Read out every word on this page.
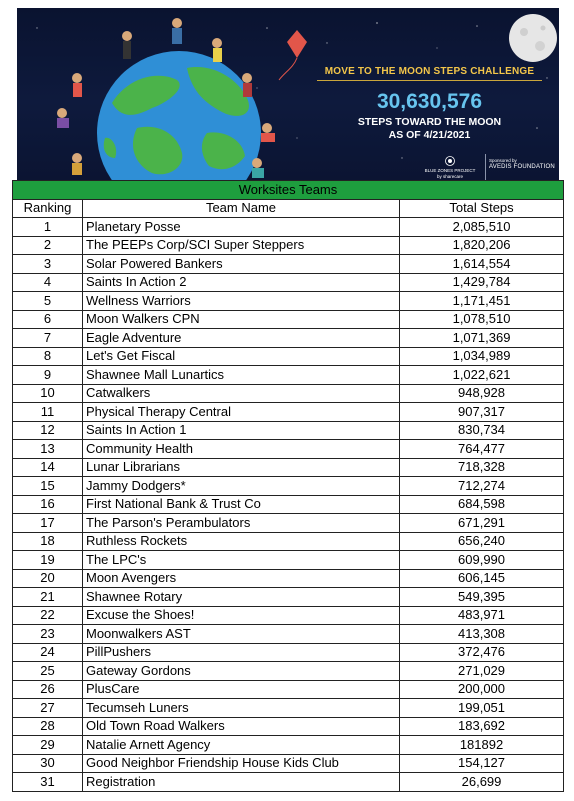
MOVE TO THE MOON STEPS CHALLENGE
30,630,576
STEPS TOWARD THE MOON
AS OF 4/21/2021
BLUE ZONES PROJECT
by sharecare
Sponsored by
AVEDIS FOUNDATION
Worksites Teams		
Ranking	Team Name	Total Steps
1	Planetary Posse	2,085,510
2	The PEEPs Corp/SCI Super Steppers	1,820,206
3	Solar Powered Bankers	1,614,554
4	Saints In Action 2	1,429,784
5	Wellness Warriors	1,171,451
6	Moon Walkers CPN	1,078,510
7	Eagle Adventure	1,071,369
8	Let's Get Fiscal	1,034,989
9	Shawnee Mall Lunartics	1,022,621
10	Catwalkers	948,928
11	Physical Therapy Central	907,317
12	Saints In Action 1	830,734
13	Community Health	764,477
14	Lunar Librarians	718,328
15	Jammy Dodgers*	712,274
16	First National Bank & Trust Co	684,598
17	The Parson's Perambulators	671,291
18	Ruthless Rockets	656,240
19	The LPC's	609,990
20	Moon Avengers	606,145
21	Shawnee Rotary	549,395
22	Excuse the Shoes!	483,971
23	Moonwalkers AST	413,308
24	PillPushers	372,476
25	Gateway Gordons	271,029
26	PlusCare	200,000
27	Tecumseh Luners	199,051
28	Old Town Road Walkers	183,692
29	Natalie Arnett Agency	181892
30	Good Neighbor Friendship House Kids Club	154,127
31	Registration	26,699
